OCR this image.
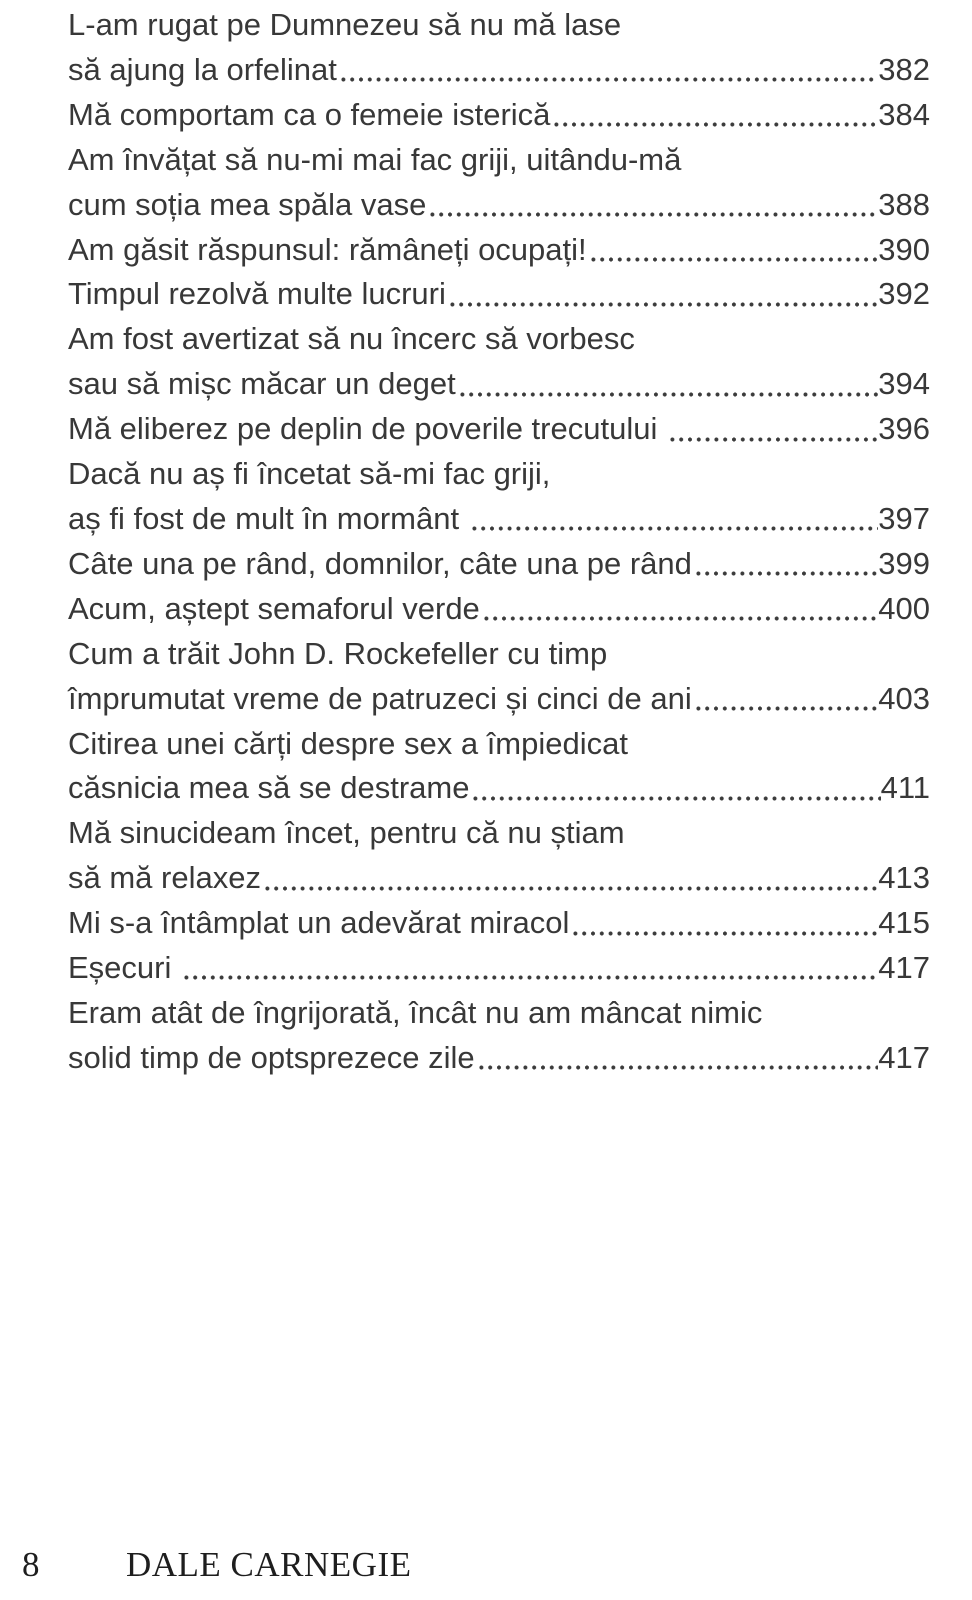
L-am rugat pe Dumnezeu să nu mă lase
să ajung la orfelinat	382
Mă comportam ca o femeie isterică	384
Am învățat să nu-mi mai fac griji, uitându-mă
cum soția mea spăla vase	388
Am găsit răspunsul: rămâneți ocupați!	390
Timpul rezolvă multe lucruri	392
Am fost avertizat să nu încerc să vorbesc
sau să mișc măcar un deget	394
Mă eliberez pe deplin de poverile trecutului	396
Dacă nu aș fi încetat să-mi fac griji,
aș fi fost de mult în mormânt	397
Câte una pe rând, domnilor, câte una pe rând	399
Acum, aștept semaforul verde	400
Cum a trăit John D. Rockefeller cu timp
împrumutat vreme de patruzeci și cinci de ani	403
Citirea unei cărți despre sex a împiedicat
căsnicia mea să se destrame	411
Mă sinucideam încet, pentru că nu știam
să mă relaxez	413
Mi s-a întâmplat un adevărat miracol	415
Eșecuri	417
Eram atât de îngrijorată, încât nu am mâncat nimic
solid timp de optsprezece zile	417
8 DALE CARNEGIE
